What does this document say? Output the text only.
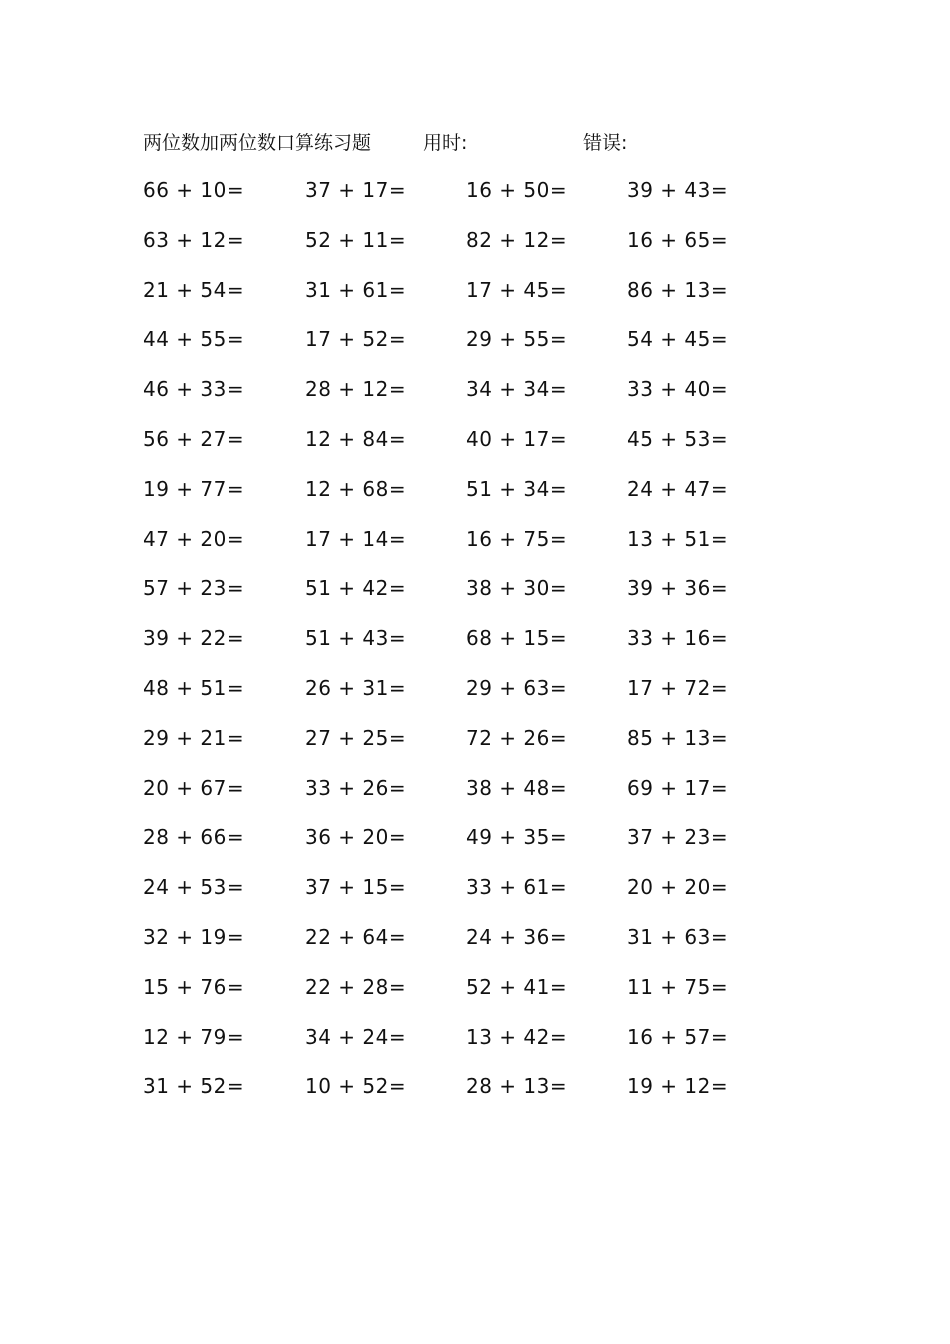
两位数加两位数口算练习题	用时:	错误:
66 + 10=	37 + 17=	16 + 50=	39 + 43=
63 + 12=	52 + 11=	82 + 12=	16 + 65=
21 + 54=	31 + 61=	17 + 45=	86 + 13=
44 + 55=	17 + 52=	29 + 55=	54 + 45=
46 + 33=	28 + 12=	34 + 34=	33 + 40=
56 + 27=	12 + 84=	40 + 17=	45 + 53=
19 + 77=	12 + 68=	51 + 34=	24 + 47=
47 + 20=	17 + 14=	16 + 75=	13 + 51=
57 + 23=	51 + 42=	38 + 30=	39 + 36=
39 + 22=	51 + 43=	68 + 15=	33 + 16=
48 + 51=	26 + 31=	29 + 63=	17 + 72=
29 + 21=	27 + 25=	72 + 26=	85 + 13=
20 + 67=	33 + 26=	38 + 48=	69 + 17=
28 + 66=	36 + 20=	49 + 35=	37 + 23=
24 + 53=	37 + 15=	33 + 61=	20 + 20=
32 + 19=	22 + 64=	24 + 36=	31 + 63=
15 + 76=	22 + 28=	52 + 41=	11 + 75=
12 + 79=	34 + 24=	13 + 42=	16 + 57=
31 + 52=	10 + 52=	28 + 13=	19 + 12=
